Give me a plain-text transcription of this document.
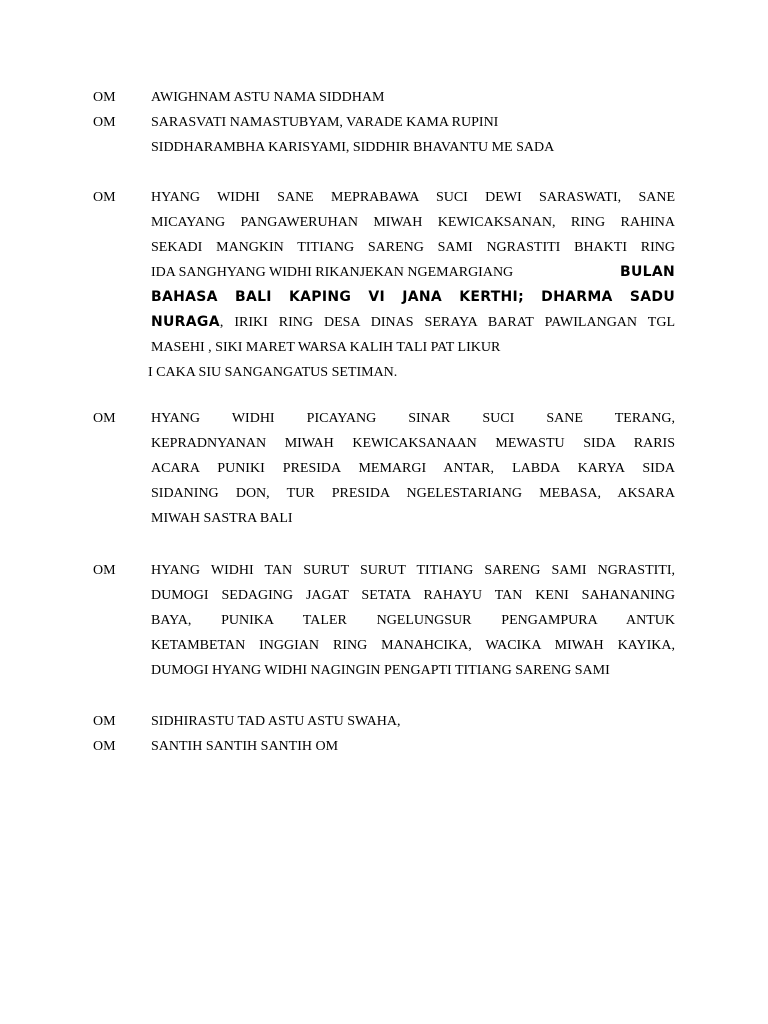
OM	AWIGHNAM ASTU NAMA SIDDHAM
OM	SARASVATI NAMASTUBYAM, VARADE KAMA RUPINI
SIDDHARAMBHA KARISYAMI, SIDDHIR BHAVANTU ME SADA
OM	HYANG WIDHI SANE MEPRABAWA SUCI DEWI SARASWATI, SANE
MICAYANG PANGAWERUHAN MIWAH KEWICAKSANAN, RING RAHINA
SEKADI MANGKIN TITIANG SARENG SAMI NGRASTITI BHAKTI RING
IDA SANGHYANG WIDHI RIKANJEKAN NGEMARGIANG	BULAN
BAHASA BALI KAPING VI JANA KERTHI; DHARMA SADU
NURAGA, IRIKI RING DESA DINAS SERAYA BARAT PAWILANGAN TGL
MASEHI , SIKI MARET WARSA KALIH TALI PAT LIKUR
I CAKA SIU SANGANGATUS SETIMAN.
OM	HYANG WIDHI PICAYANG SINAR SUCI SANE TERANG,
KEPRADNYANAN MIWAH KEWICAKSANAAN MEWASTU SIDA RARIS
ACARA PUNIKI PRESIDA MEMARGI ANTAR, LABDA KARYA SIDA
SIDANING DON, TUR PRESIDA NGELESTARIANG MEBASA, AKSARA
MIWAH SASTRA BALI
OM	HYANG WIDHI TAN SURUT SURUT TITIANG SARENG SAMI NGRASTITI,
DUMOGI SEDAGING JAGAT SETATA RAHAYU TAN KENI SAHANANING
BAYA, PUNIKA TALER NGELUNGSUR PENGAMPURA ANTUK
KETAMBETAN INGGIAN RING MANAHCIKA, WACIKA MIWAH KAYIKA,
DUMOGI HYANG WIDHI NAGINGIN PENGAPTI TITIANG SARENG SAMI
OM	SIDHIRASTU TAD ASTU ASTU SWAHA,
OM	SANTIH SANTIH SANTIH OM
